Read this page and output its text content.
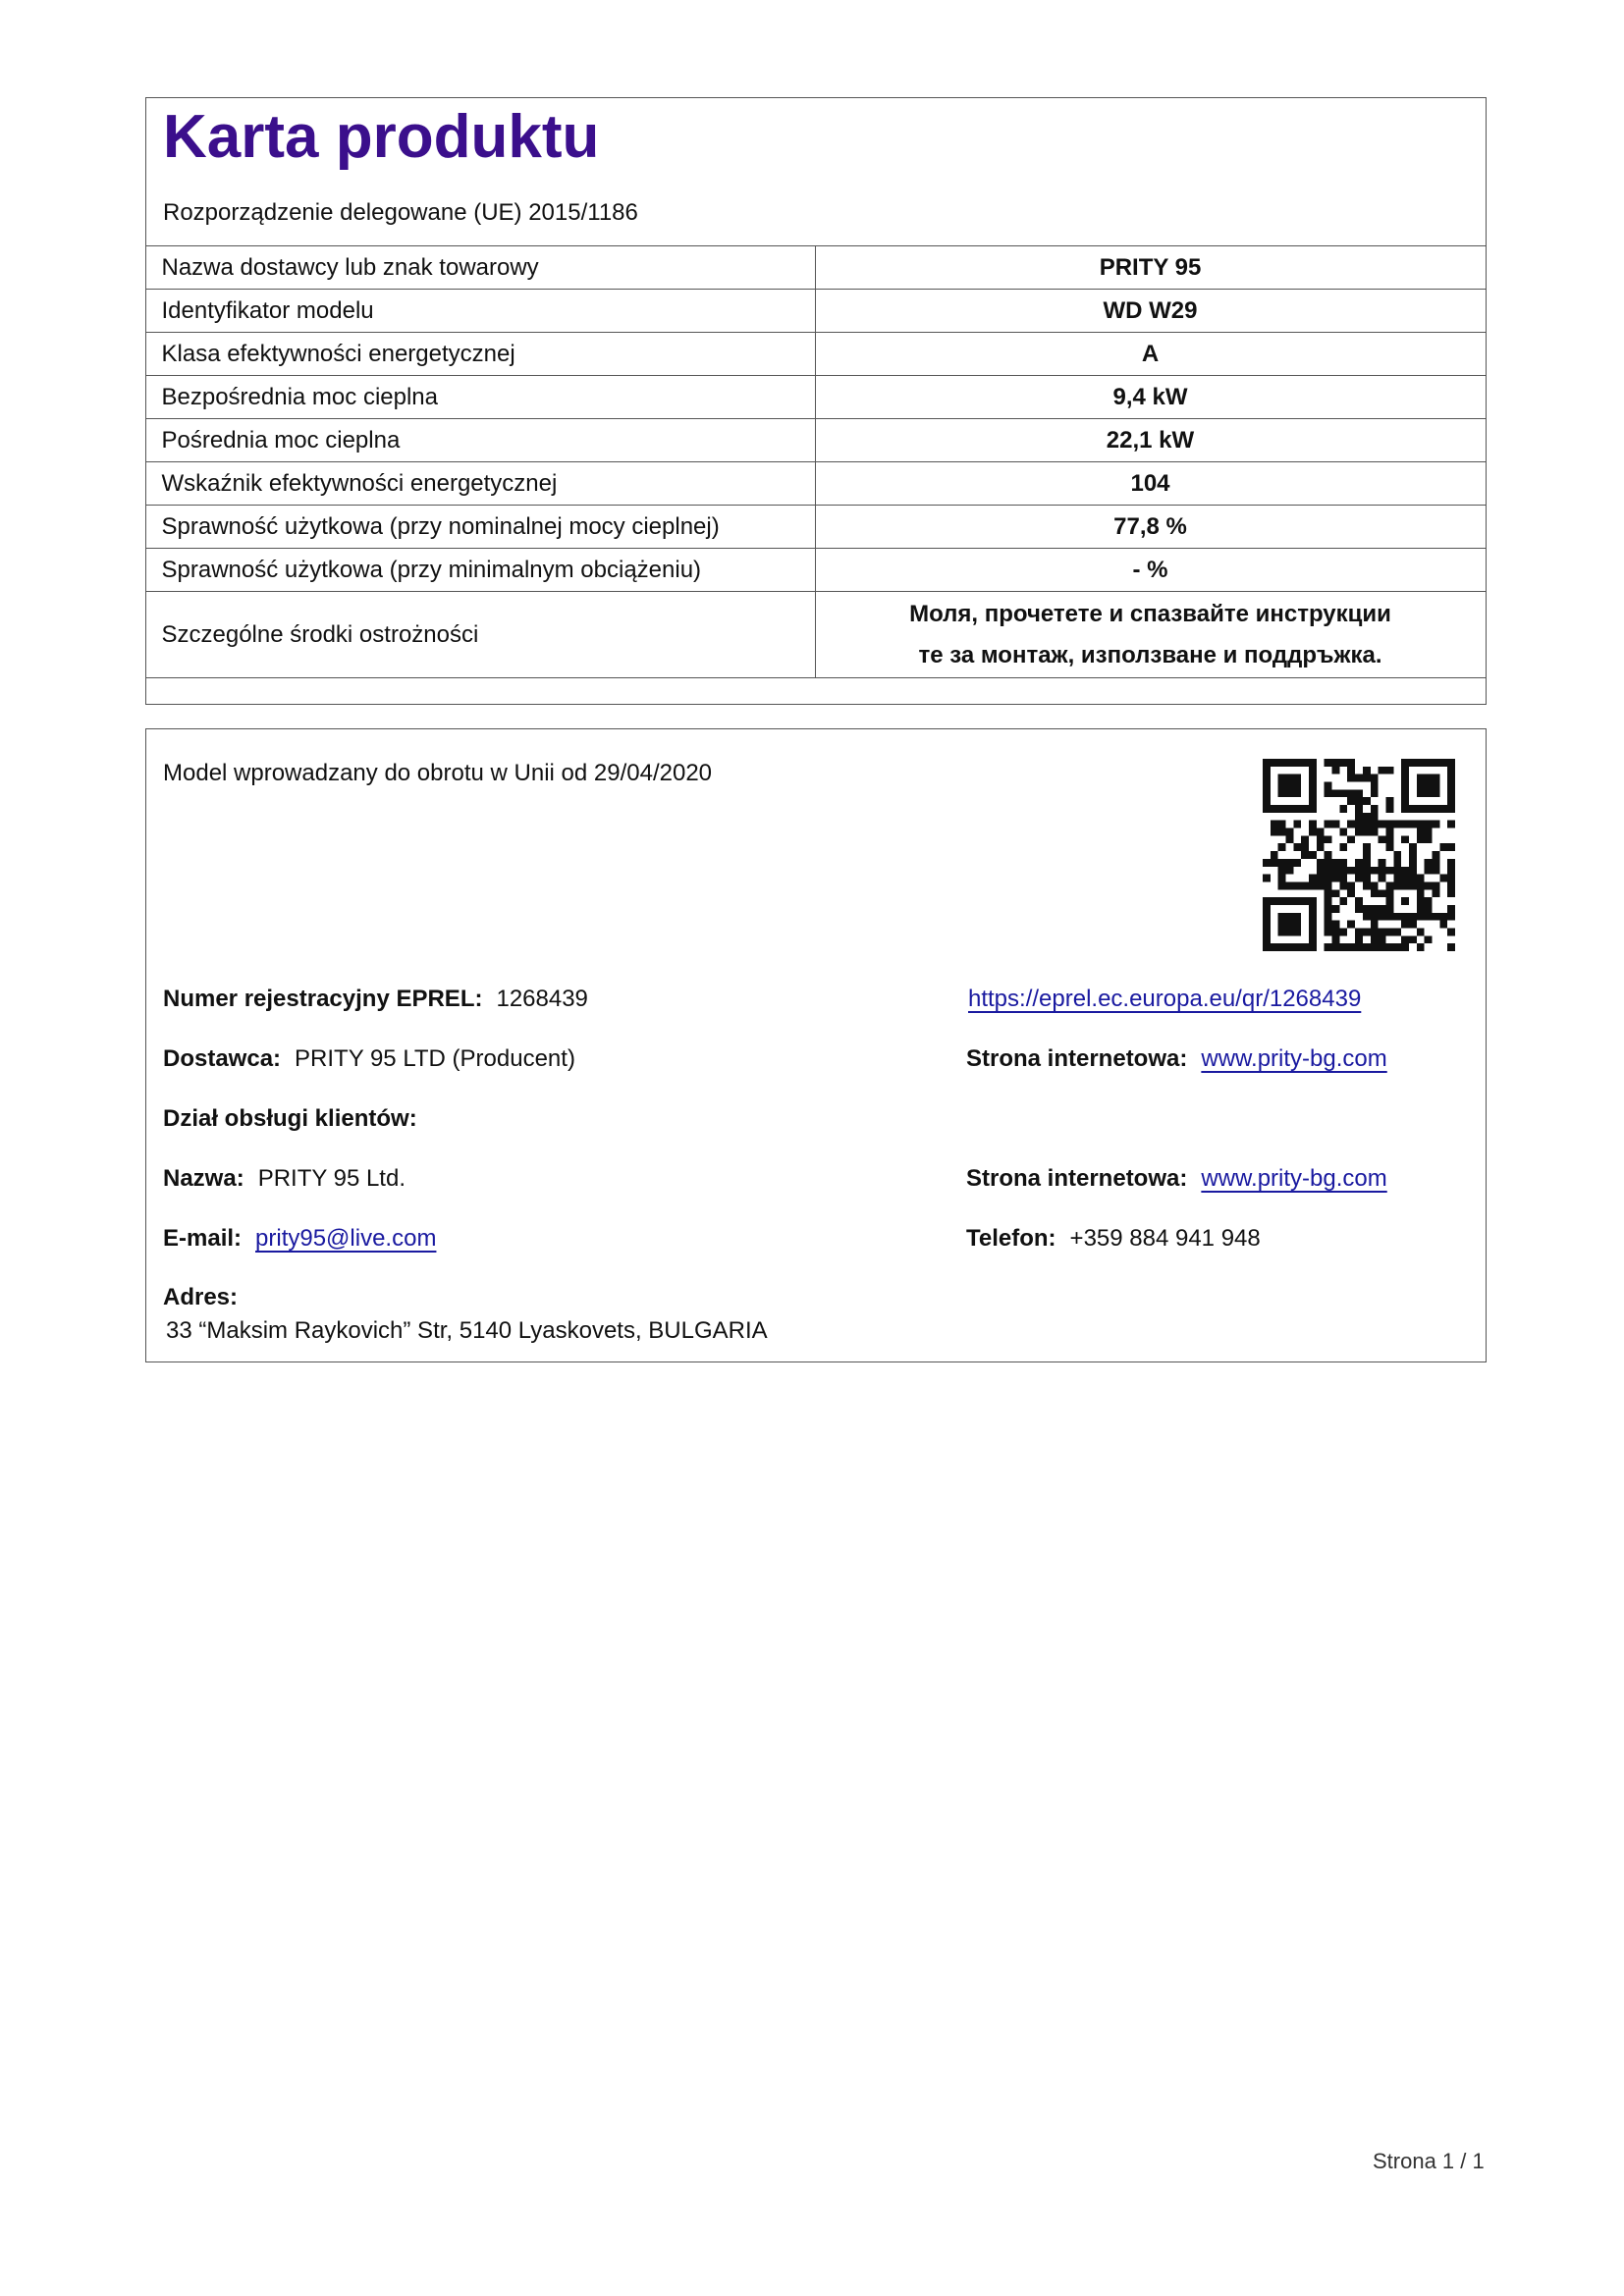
Karta produktu
Rozporządzenie delegowane (UE) 2015/1186
Nazwa dostawcy lub znak towarowy	PRITY 95
Identyfikator modelu	WD W29
Klasa efektywności energetycznej	A
Bezpośrednia moc cieplna	9,4 kW
Pośrednia moc cieplna	22,1 kW
Wskaźnik efektywności energetycznej	104
Sprawność użytkowa (przy nominalnej mocy cieplnej)	77,8 %
Sprawność użytkowa (przy minimalnym obciążeniu)	- %
Szczególne środki ostrożności	Моля, прочетете и спазвайте инструкции
те за монтаж, използване и поддръжка.
Model wprowadzany do obrotu w Unii od 29/04/2020
Numer rejestracyjny EPREL: 1268439	https://eprel.ec.europa.eu/qr/1268439
Dostawca: PRITY 95 LTD (Producent)	Strona internetowa: www.prity-bg.com
Dział obsługi klientów:
Nazwa: PRITY 95 Ltd.	Strona internetowa: www.prity-bg.com
E-mail: prity95@live.com	Telefon: +359 884 941 948
Adres:
33 “Maksim Raykovich” Str, 5140 Lyaskovets, BULGARIA
Strona 1 / 1
